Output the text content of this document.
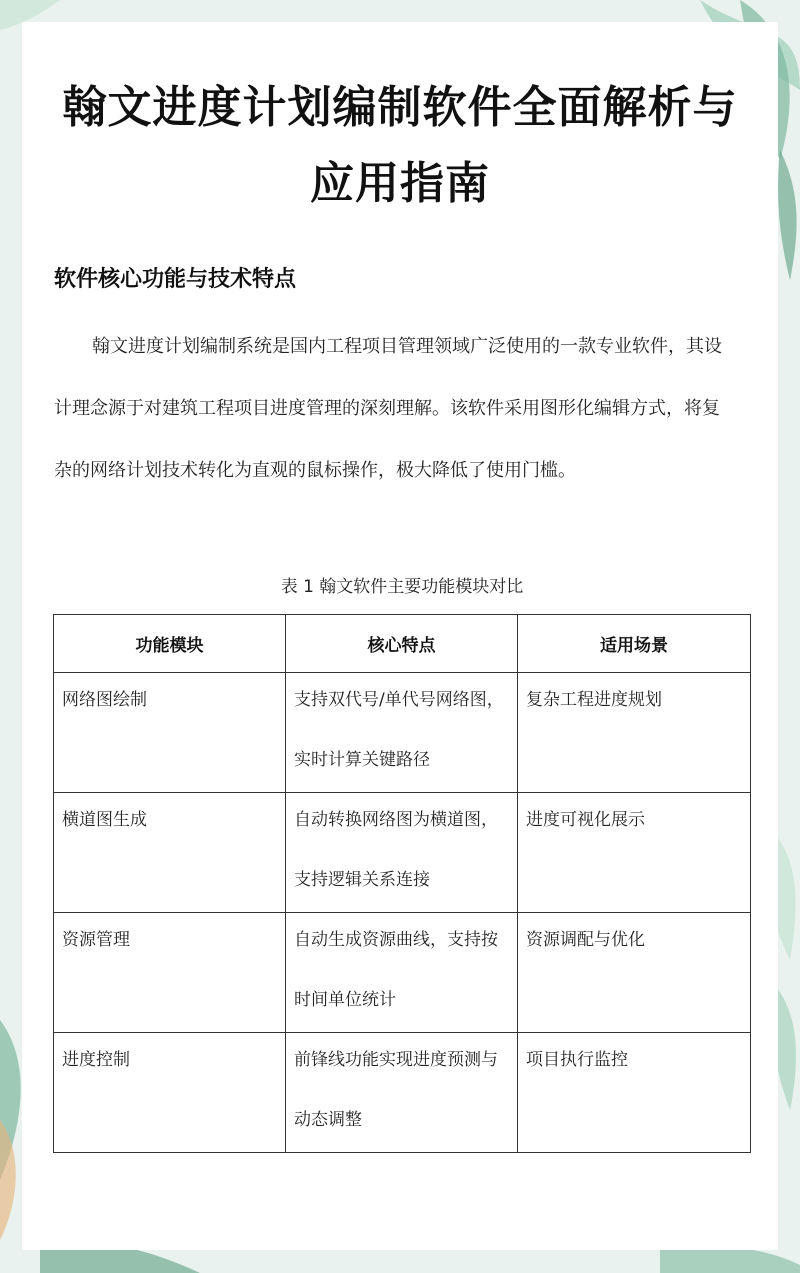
翰文进度计划编制软件全面解析与应用指南
软件核心功能与技术特点

翰文进度计划编制系统是国内工程项目管理领域广泛使用的一款专业软件，其设计理念源于对建筑工程项目进度管理的深刻理解。该软件采用图形化编辑方式，将复杂的网络计划技术转化为直观的鼠标操作，极大降低了使用门槛。

表 1 翰文软件主要功能模块对比

功能模块	核心特点	适用场景

网络图绘制	支持双代号/单代号网络图，实时计算关键路径	复杂工程进度规划

横道图生成	自动转换网络图为横道图，支持逻辑关系连接	进度可视化展示

资源管理	自动生成资源曲线，支持按时间单位统计	资源调配与优化

进度控制	前锋线功能实现进度预测与动态调整	项目执行监控
